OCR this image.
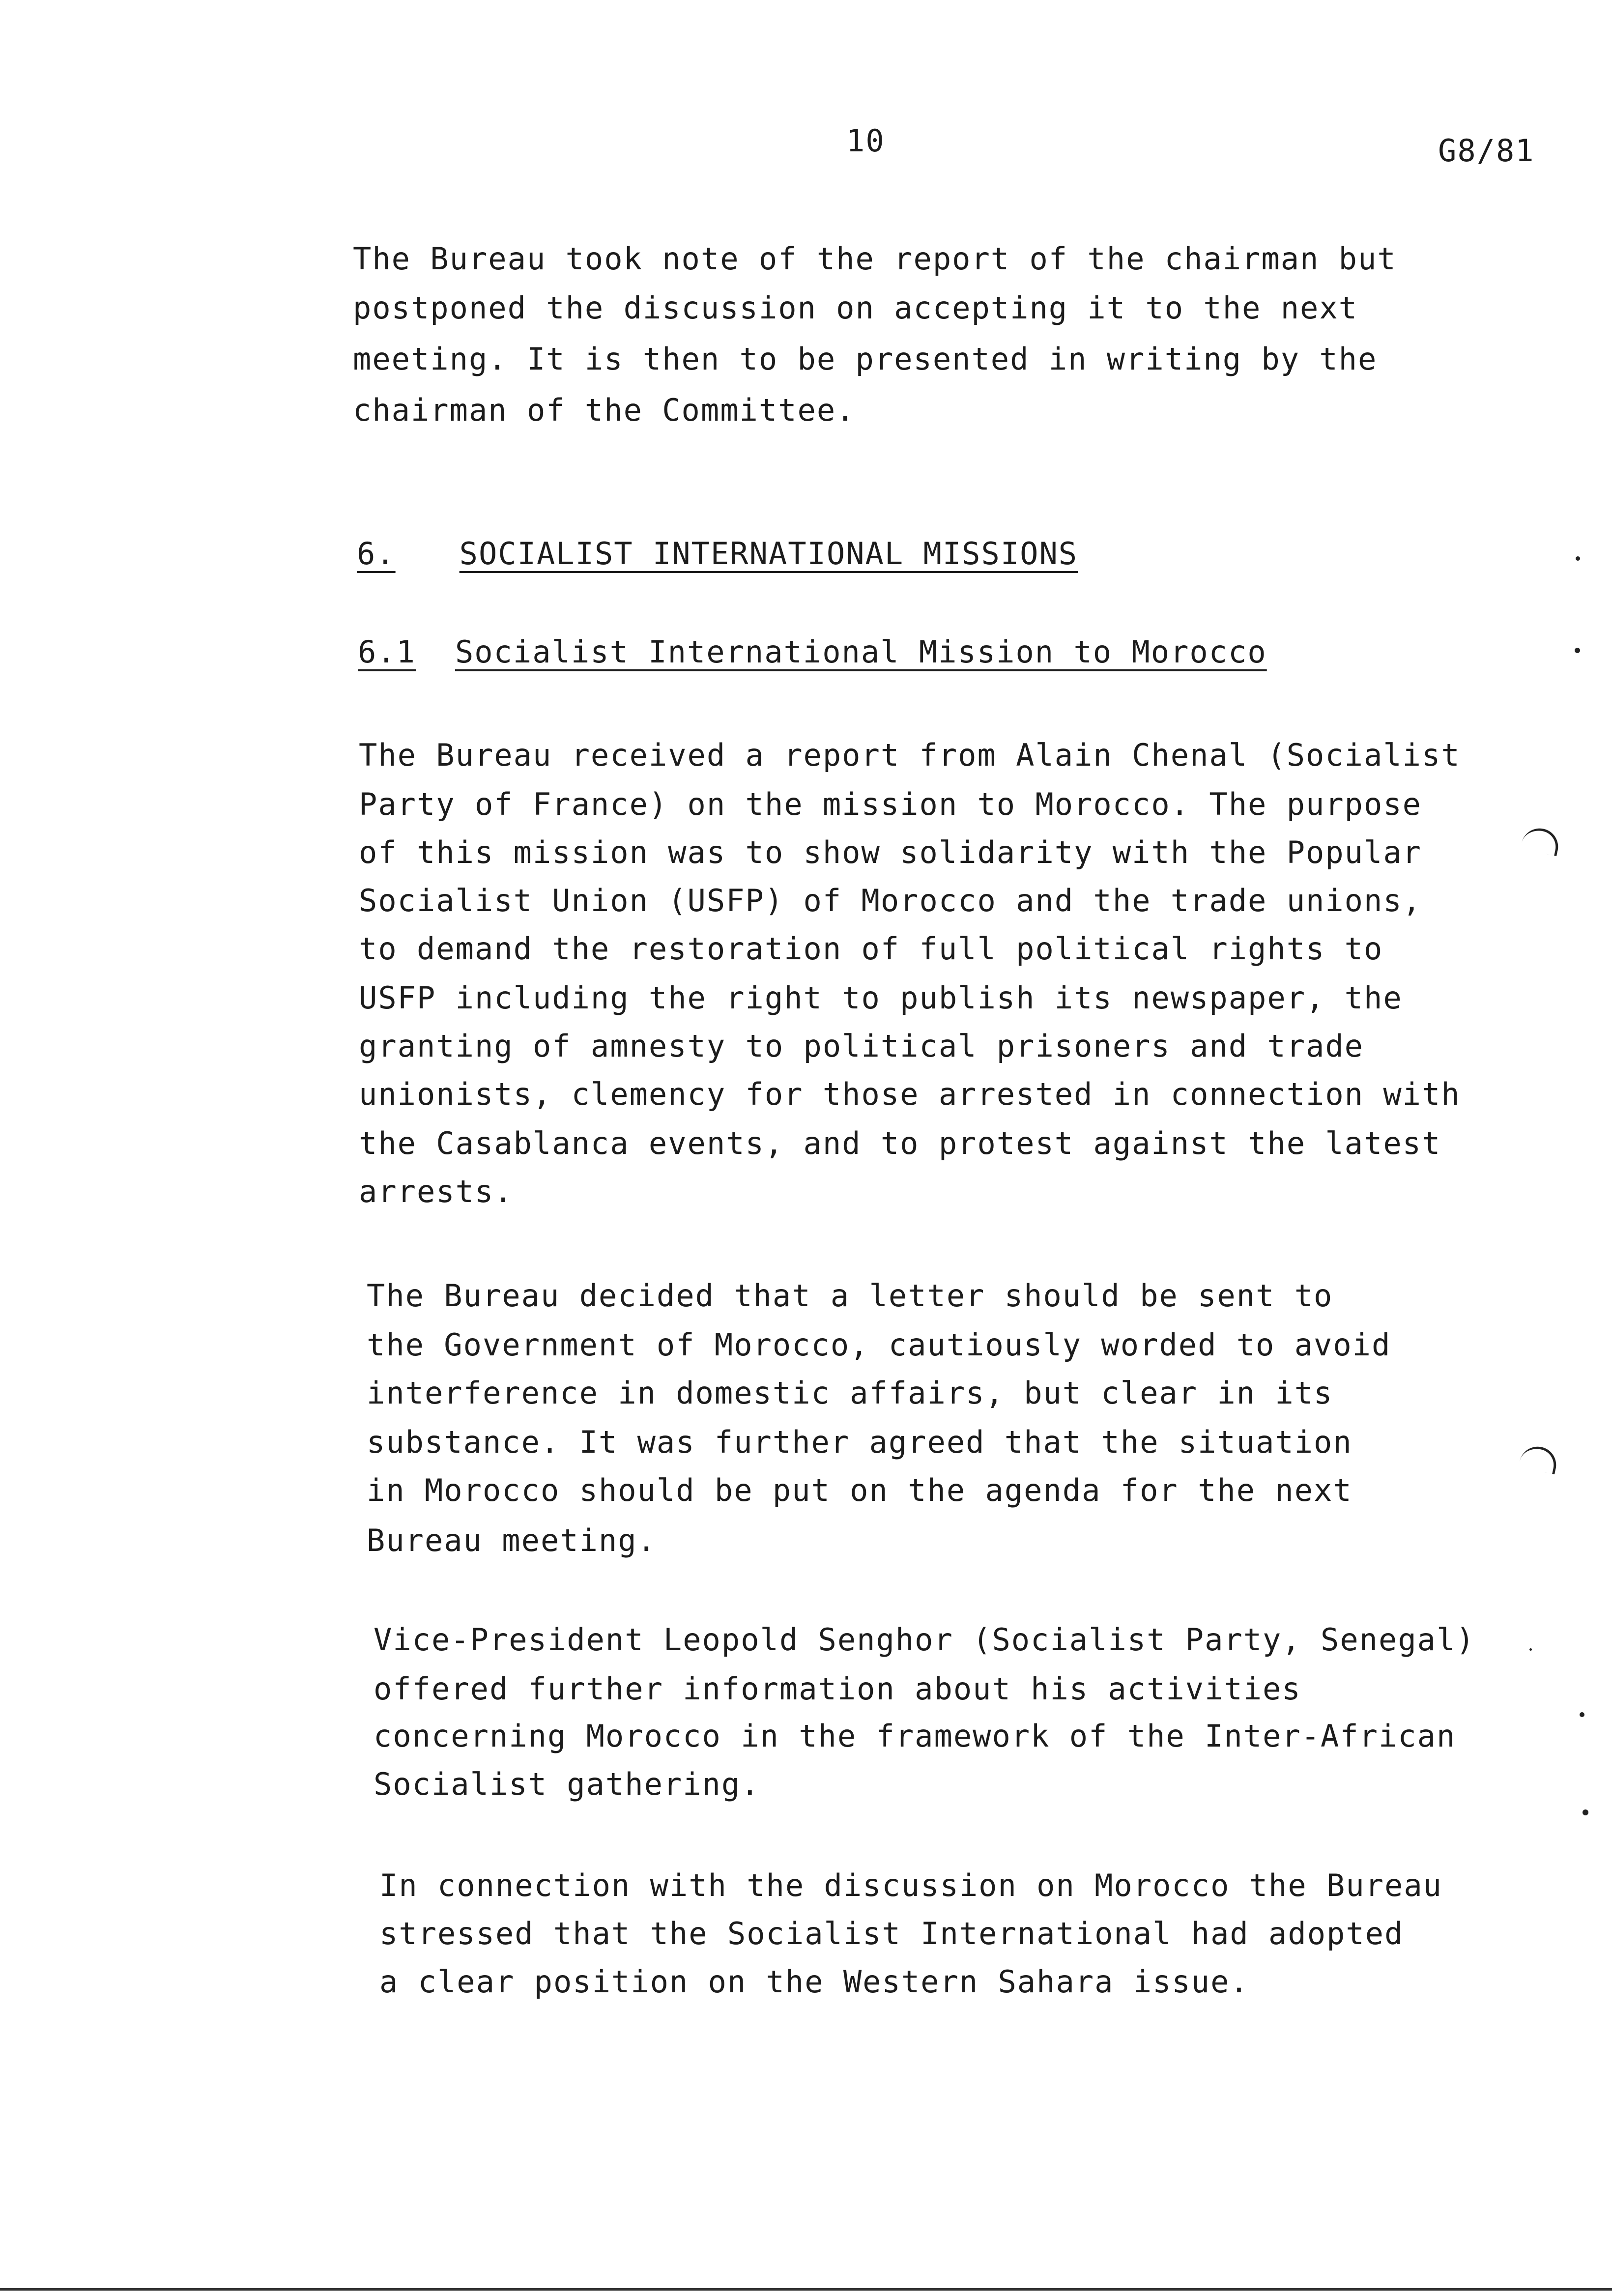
10	G8/81
The Bureau took note of the report of the chairman but
postponed the discussion on accepting it to the next
meeting. It is then to be presented in writing by the
chairman of the Committee.
6. SOCIALIST INTERNATIONAL MISSIONS
6.1 Socialist International Mission to Morocco
The Bureau received a report from Alain Chenal (Socialist
Party of France) on the mission to Morocco. The purpose
of this mission was to show solidarity with the Popular
Socialist Union (USFP) of Morocco and the trade unions,
to demand the restoration of full political rights to
USFP including the right to publish its newspaper, the
granting of amnesty to political prisoners and trade
unionists, clemency for those arrested in connection with
the Casablanca events, and to protest against the latest
arrests.
The Bureau decided that a letter should be sent to
the Government of Morocco, cautiously worded to avoid
interference in domestic affairs, but clear in its
substance. It was further agreed that the situation
in Morocco should be put on the agenda for the next
Bureau meeting.
Vice-President Leopold Senghor (Socialist Party, Senegal)
offered further information about his activities
concerning Morocco in the framework of the Inter-African
Socialist gathering.
In connection with the discussion on Morocco the Bureau
stressed that the Socialist International had adopted
a clear position on the Western Sahara issue.
